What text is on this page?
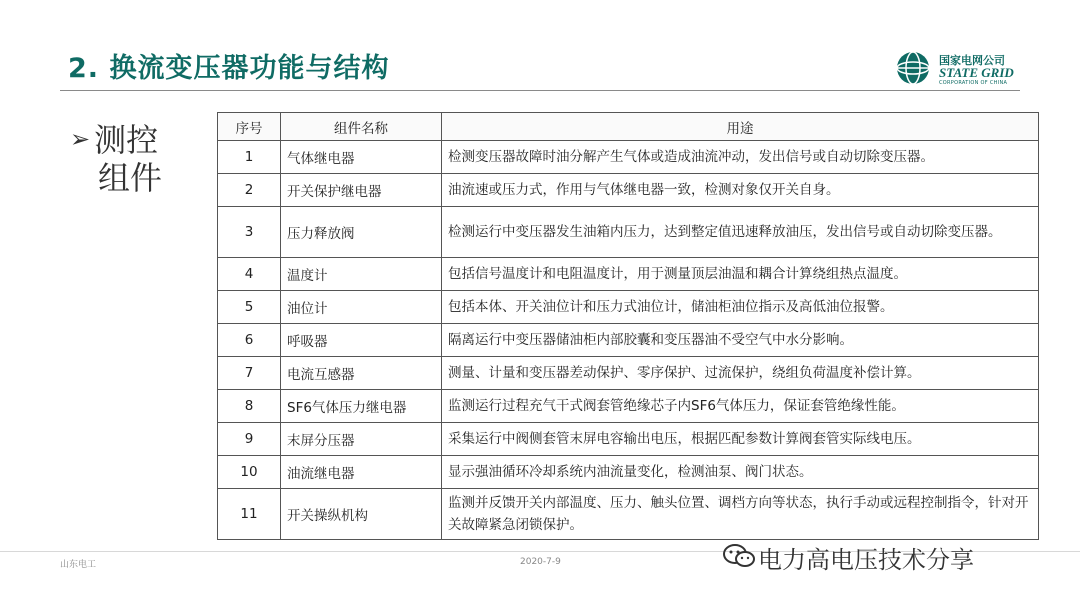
2. 换流变压器功能与结构	国家电网公司
STATE GRID
CORPORATION OF CHINA
➢ 测控
组件
序号	组件名称	用途
1	气体继电器	检测变压器故障时油分解产生气体或造成油流冲动，发出信号或自动切除变压器。
2	开关保护继电器	油流速或压力式，作用与气体继电器一致，检测对象仅开关自身。
3	压力释放阀	检测运行中变压器发生油箱内压力，达到整定值迅速释放油压，发出信号或自动切除变压器。
4	温度计	包括信号温度计和电阻温度计，用于测量顶层油温和耦合计算绕组热点温度。
5	油位计	包括本体、开关油位计和压力式油位计，储油柜油位指示及高低油位报警。
6	呼吸器	隔离运行中变压器储油柜内部胶囊和变压器油不受空气中水分影响。
7	电流互感器	测量、计量和变压器差动保护、零序保护、过流保护，绕组负荷温度补偿计算。
8	SF6气体压力继电器	监测运行过程充气干式阀套管绝缘芯子内SF6气体压力，保证套管绝缘性能。
9	末屏分压器	采集运行中阀侧套管末屏电容输出电压，根据匹配参数计算阀套管实际线电压。
10	油流继电器	显示强油循环冷却系统内油流量变化，检测油泵、阀门状态。
11	开关操纵机构	监测并反馈开关内部温度、压力、触头位置、调档方向等状态，执行手动或远程控制指令，针对开关故障紧急闭锁保护。
山东电工	2020-7-9	电力高电压技术分享
